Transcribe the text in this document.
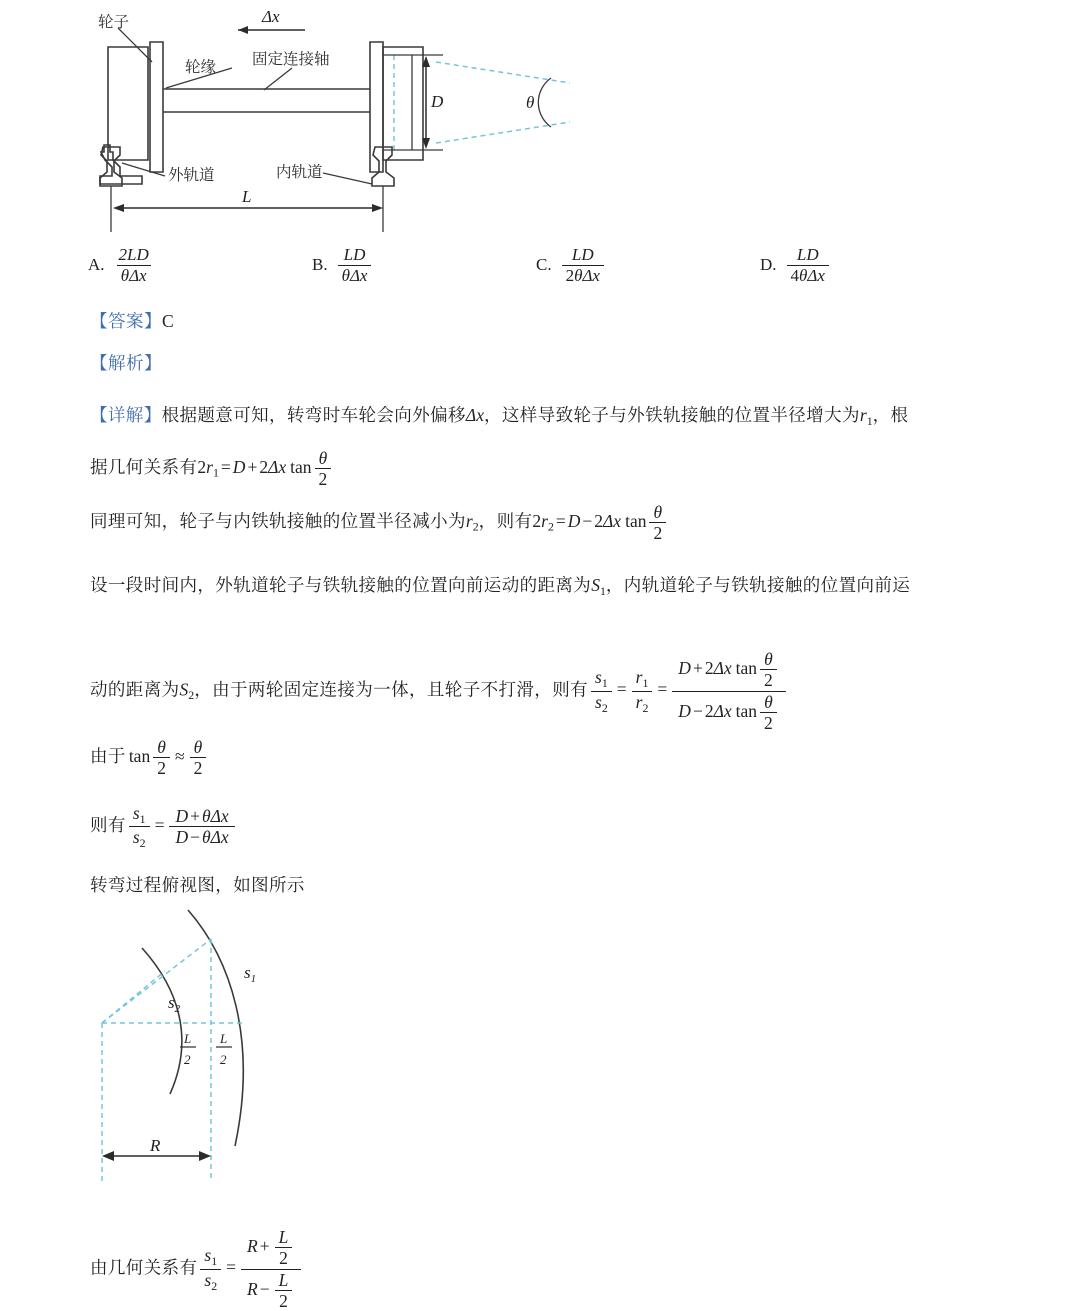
Δx
θ
D
L
轮子
轮缘 固定连接轴
外轨道	内轨道
A. $\frac{2LD}{\text{θΔx}}$	B. $\frac{LD}{\text{θΔx}}$	C. $\frac{LD}{\text{2θΔx}}$	D. $\frac{LD}{\text{4θΔx}}$
【答案】C
【解析】
【详解】根据题意可知，转弯时车轮会向外偏移Δx，这样导致轮子与外铁轨接触的位置半径增大为$r_1$，根
据几何关系有$2r_1 = D + 2\Delta x$ $\tan \frac{\theta}{2}$
同理可知，轮子与内铁轨接触的位置半径减小为$r_2$，则有$2r_2 = D - 2\Delta x$ $\tan \frac{\theta}{2}$
设一段时间内，外轨道轮子与铁轨接触的位置向前运动的距离为$S_1$，内轨道轮子与铁轨接触的位置向前运
动的距离为$S_2$，由于两轮固定连接为一体，且轮子不打滑，则有 $\frac{s_1}{s_2} = \frac{r_1}{r_2} = \frac{D + 2\Delta x \tan \frac{\theta}{2}}{D - 2\Delta x \tan \frac{\theta}{2}}$
由于 $\tan \frac{\theta}{2} \approx \frac{\theta}{2}$
则有 $\frac{s_1}{s_2} = \frac{\text{D + θΔx}}{\text{D − θΔx}}$
转弯过程俯视图，如图所示
R
$s_1$
$s_2$
L
2
L
2
由几何关系有 $\frac{s_1}{s_2} = \frac{R + \frac{L}{2}}{R - \frac{L}{2}}$
